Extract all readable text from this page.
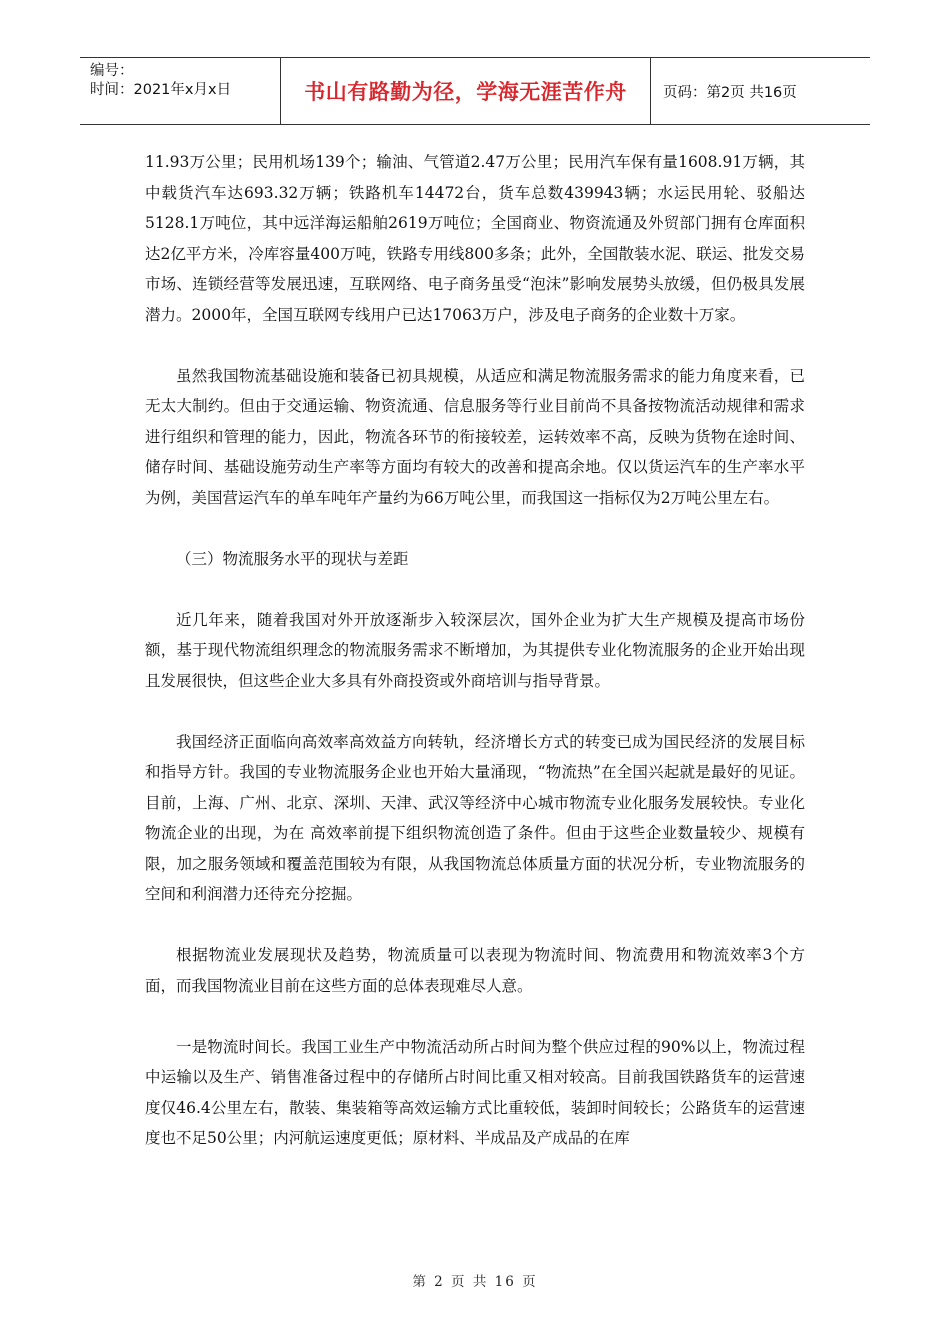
编号：
时间：2021年x月x日	书山有路勤为径，学海无涯苦作舟	页码：第2页 共16页

11.93万公里；民用机场139个；输油、气管道2.47万公里；民用汽车保有量1608.91万辆，其中载货汽车达693.32万辆；铁路机车14472台，货车总数439943辆；水运民用轮、驳船达5128.1万吨位，其中远洋海运船舶2619万吨位；全国商业、物资流通及外贸部门拥有仓库面积达2亿平方米，冷库容量400万吨，铁路专用线800多条；此外，全国散装水泥、联运、批发交易市场、连锁经营等发展迅速，互联网络、电子商务虽受“泡沫”影响发展势头放缓，但仍极具发展潜力。2000年，全国互联网专线用户已达17063万户，涉及电子商务的企业数十万家。

虽然我国物流基础设施和装备已初具规模，从适应和满足物流服务需求的能力角度来看，已无太大制约。但由于交通运输、物资流通、信息服务等行业目前尚不具备按物流活动规律和需求进行组织和管理的能力，因此，物流各环节的衔接较差，运转效率不高，反映为货物在途时间、储存时间、基础设施劳动生产率等方面均有较大的改善和提高余地。仅以货运汽车的生产率水平为例，美国营运汽车的单车吨年产量约为66万吨公里，而我国这一指标仅为2万吨公里左右。

（三）物流服务水平的现状与差距

近几年来，随着我国对外开放逐渐步入较深层次，国外企业为扩大生产规模及提高市场份额，基于现代物流组织理念的物流服务需求不断增加，为其提供专业化物流服务的企业开始出现且发展很快，但这些企业大多具有外商投资或外商培训与指导背景。

我国经济正面临向高效率高效益方向转轨，经济增长方式的转变已成为国民经济的发展目标和指导方针。我国的专业物流服务企业也开始大量涌现，“物流热”在全国兴起就是最好的见证。目前，上海、广州、北京、深圳、天津、武汉等经济中心城市物流专业化服务发展较快。专业化物流企业的出现，为在 高效率前提下组织物流创造了条件。但由于这些企业数量较少、规模有限，加之服务领域和覆盖范围较为有限，从我国物流总体质量方面的状况分析，专业物流服务的空间和利润潜力还待充分挖掘。

根据物流业发展现状及趋势，物流质量可以表现为物流时间、物流费用和物流效率3个方面，而我国物流业目前在这些方面的总体表现难尽人意。

一是物流时间长。我国工业生产中物流活动所占时间为整个供应过程的90%以上，物流过程中运输以及生产、销售准备过程中的存储所占时间比重又相对较高。目前我国铁路货车的运营速度仅46.4公里左右，散装、集装箱等高效运输方式比重较低，装卸时间较长；公路货车的运营速度也不足50公里；内河航运速度更低；原材料、半成品及产成品的在库

第 2 页 共 16 页
